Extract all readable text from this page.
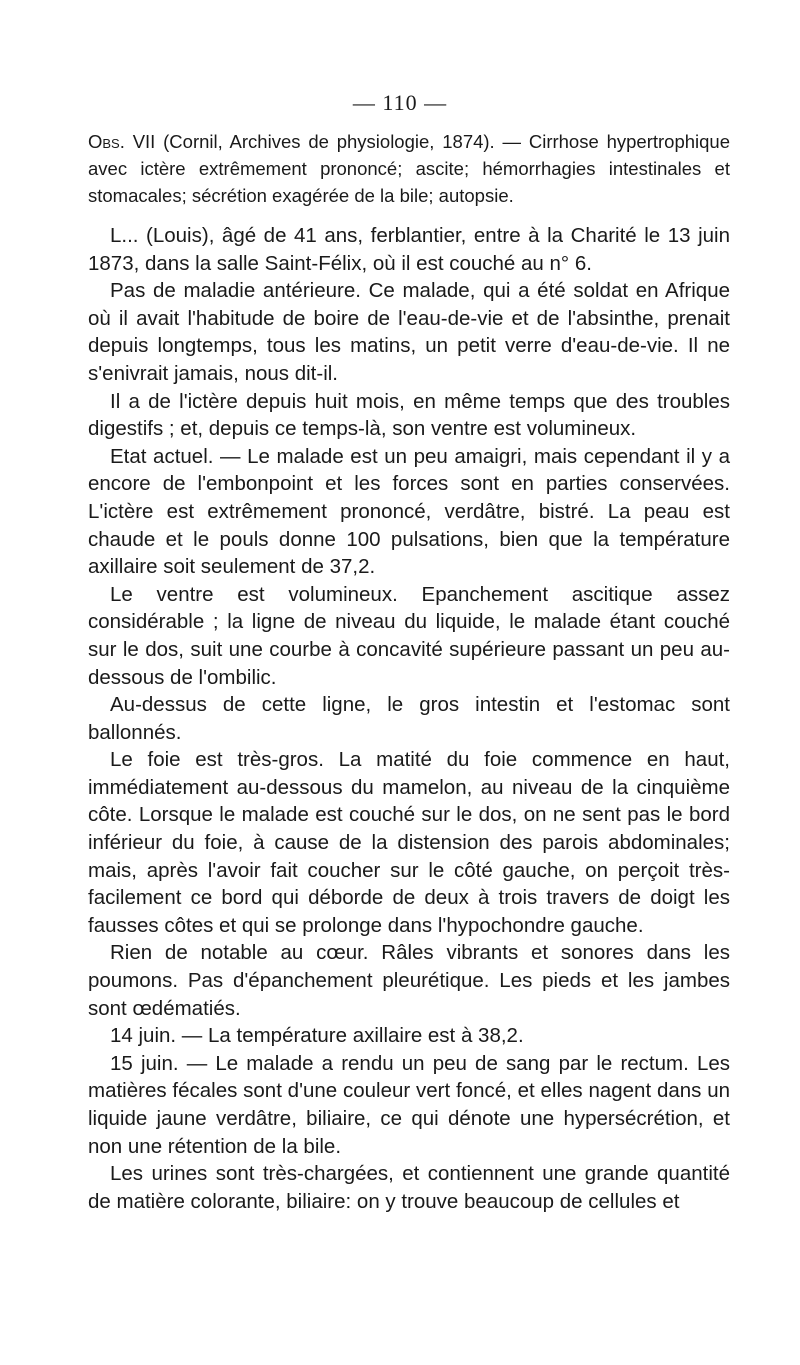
— 110 —
Obs. VII (Cornil, Archives de physiologie, 1874). — Cirrhose hypertrophique avec ictère extrêmement prononcé; ascite; hémorrhagies intestinales et stomacales; sécrétion exagérée de la bile; autopsie.

L... (Louis), âgé de 41 ans, ferblantier, entre à la Charité le 13 juin 1873, dans la salle Saint-Félix, où il est couché au n° 6.

Pas de maladie antérieure. Ce malade, qui a été soldat en Afrique où il avait l'habitude de boire de l'eau-de-vie et de l'absinthe, prenait depuis longtemps, tous les matins, un petit verre d'eau-de-vie. Il ne s'enivrait jamais, nous dit-il.

Il a de l'ictère depuis huit mois, en même temps que des troubles digestifs ; et, depuis ce temps-là, son ventre est volumineux.

Etat actuel. — Le malade est un peu amaigri, mais cependant il y a encore de l'embonpoint et les forces sont en parties conservées. L'ictère est extrêmement prononcé, verdâtre, bistré. La peau est chaude et le pouls donne 100 pulsations, bien que la température axillaire soit seulement de 37,2.

Le ventre est volumineux. Epanchement ascitique assez considérable ; la ligne de niveau du liquide, le malade étant couché sur le dos, suit une courbe à concavité supérieure passant un peu au-dessous de l'ombilic.

Au-dessus de cette ligne, le gros intestin et l'estomac sont ballonnés.

Le foie est très-gros. La matité du foie commence en haut, immédiatement au-dessous du mamelon, au niveau de la cinquième côte. Lorsque le malade est couché sur le dos, on ne sent pas le bord inférieur du foie, à cause de la distension des parois abdominales; mais, après l'avoir fait coucher sur le côté gauche, on perçoit très-facilement ce bord qui déborde de deux à trois travers de doigt les fausses côtes et qui se prolonge dans l'hypochondre gauche.

Rien de notable au cœur. Râles vibrants et sonores dans les poumons. Pas d'épanchement pleurétique. Les pieds et les jambes sont œdématiés.

14 juin. — La température axillaire est à 38,2.

15 juin. — Le malade a rendu un peu de sang par le rectum. Les matières fécales sont d'une couleur vert foncé, et elles nagent dans un liquide jaune verdâtre, biliaire, ce qui dénote une hypersécrétion, et non une rétention de la bile.

Les urines sont très-chargées, et contiennent une grande quantité de matière colorante, biliaire: on y trouve beaucoup de cellules et
